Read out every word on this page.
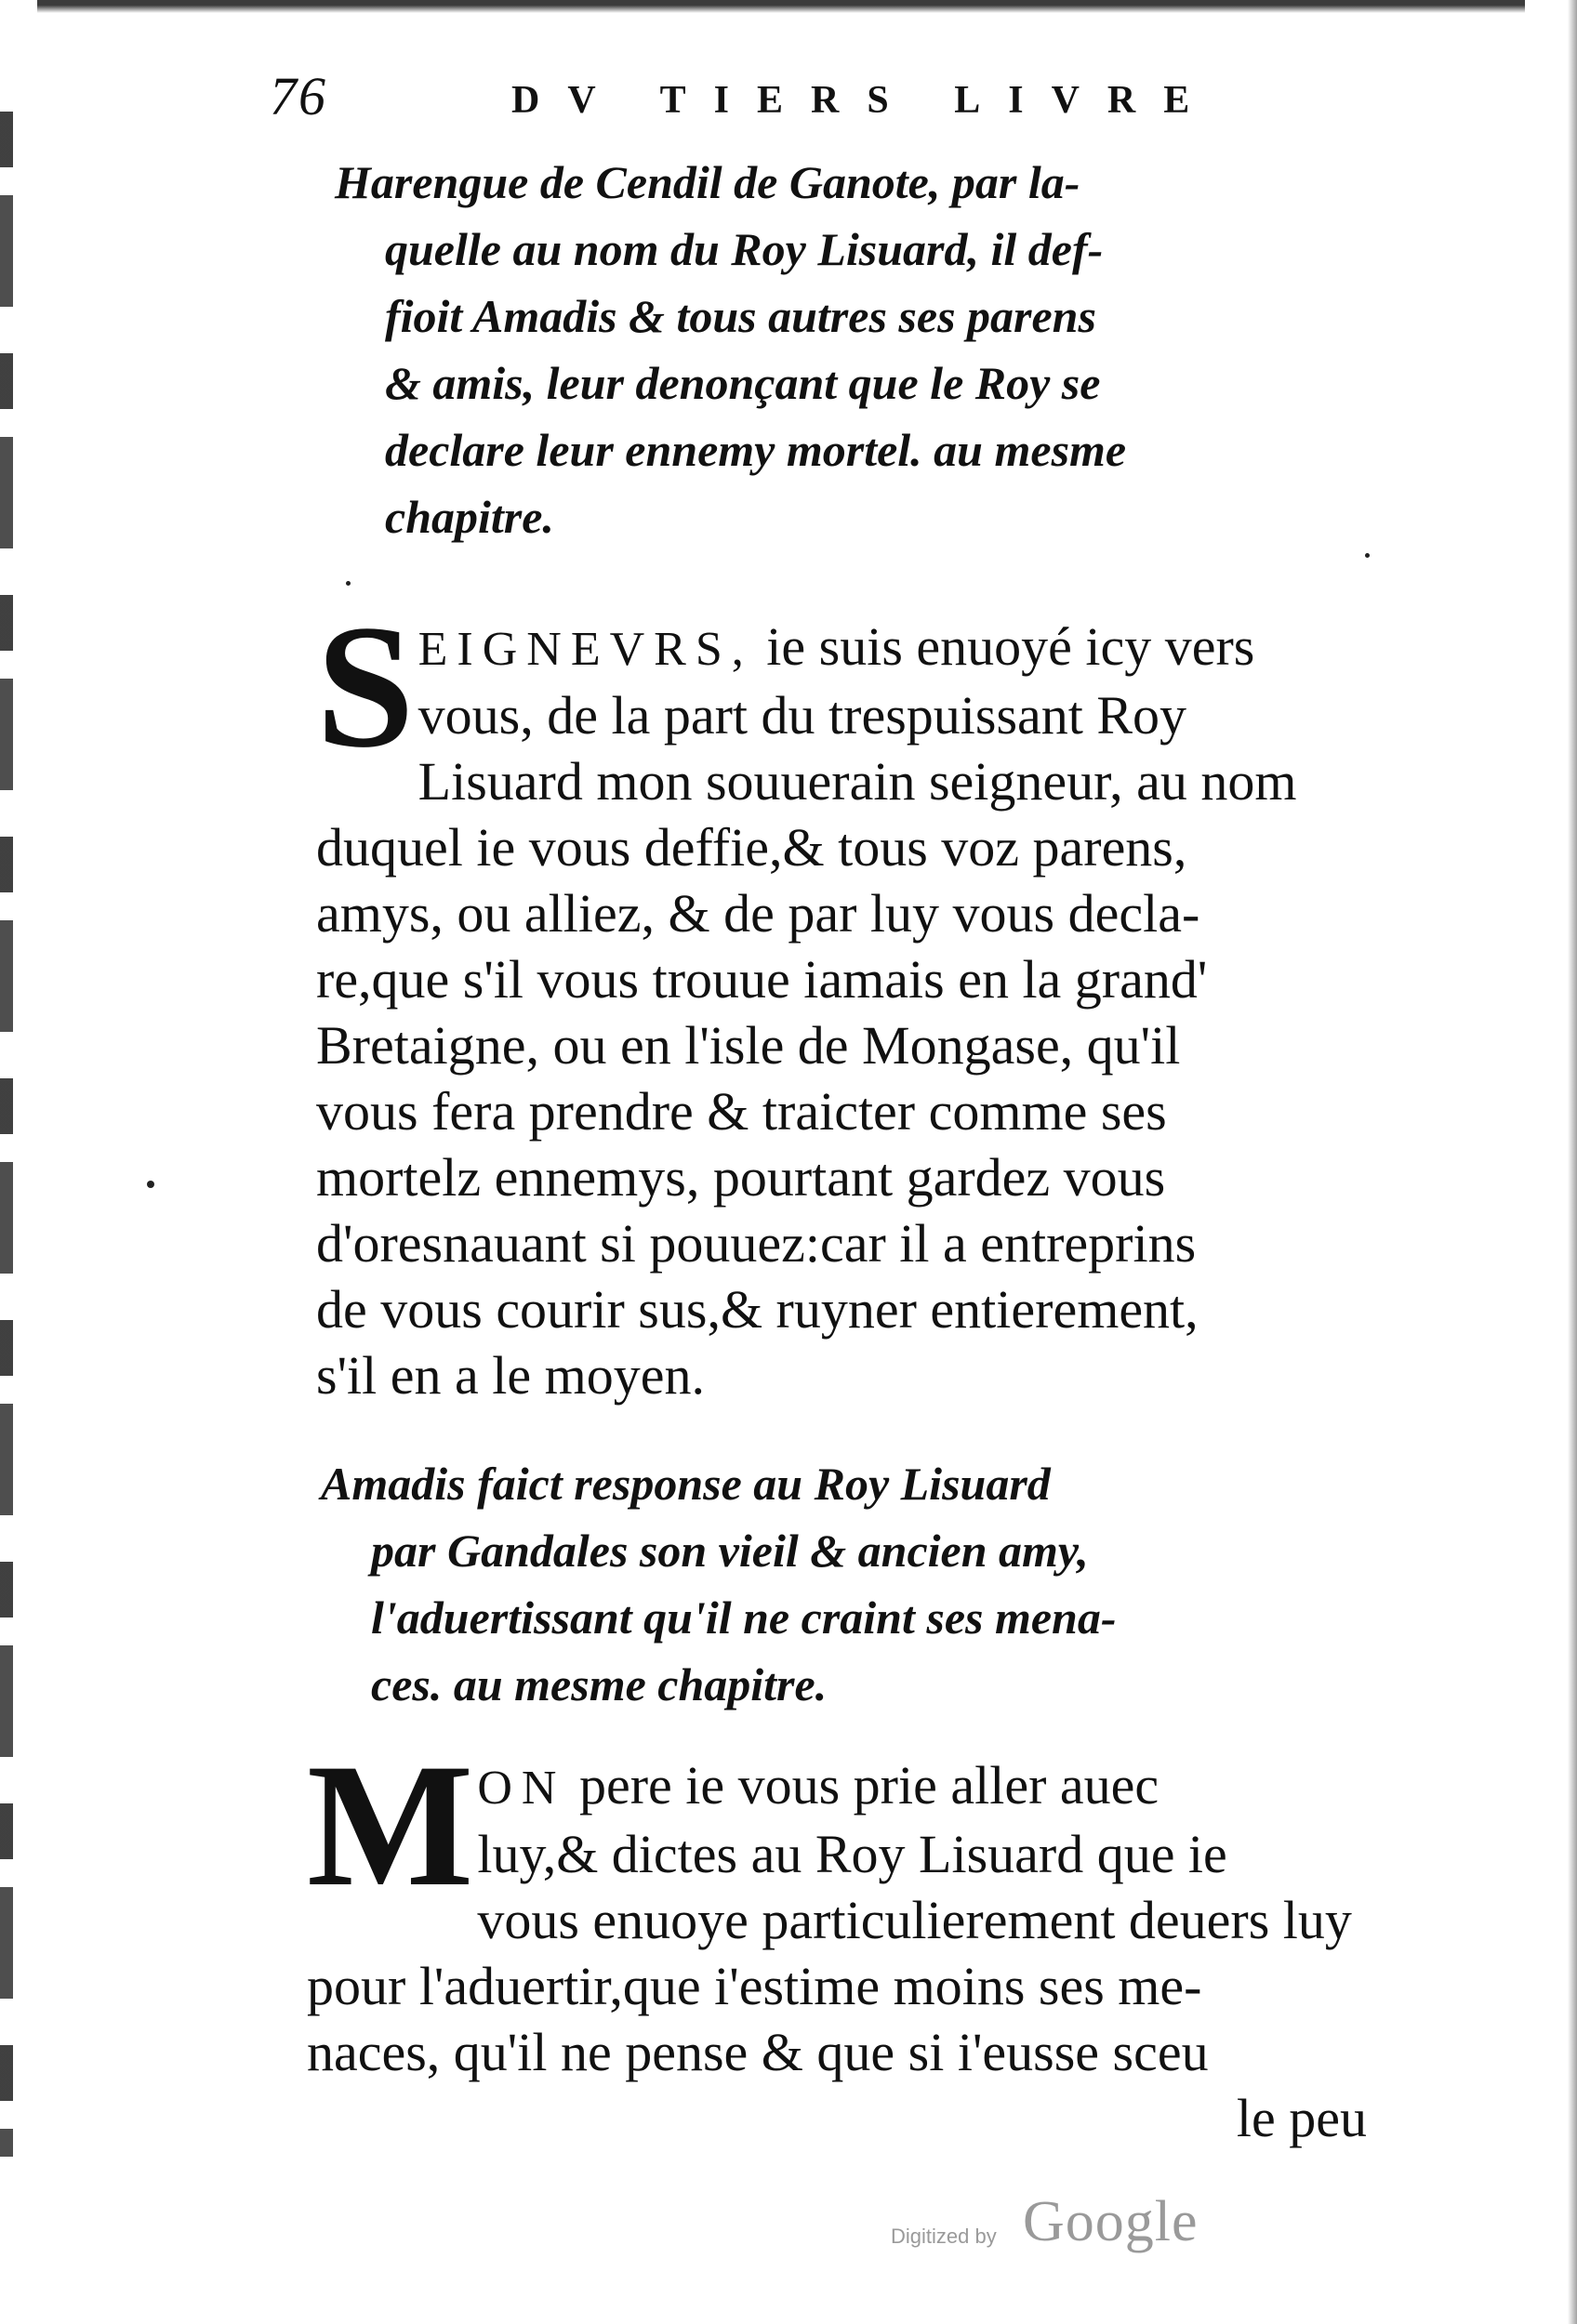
76	DV TIERS LIVRE
Harengue de Cendil de Ganote, par la-
quelle au nom du Roy Lisuard, il def-
fioit Amadis & tous autres ses parens
& amis, leur denonçant que le Roy se
declare leur ennemy mortel. au mesme
chapitre.
S EIGNEVRS, ie suis enuoyé icy vers
vous, de la part du trespuissant Roy
Lisuard mon souuerain seigneur, au nom
duquel ie vous deffie,& tous voz parens,
amys, ou alliez, & de par luy vous decla-
re,que s'il vous trouue iamais en la grand'
Bretaigne, ou en l'isle de Mongase, qu'il
vous fera prendre & traicter comme ses
mortelz ennemys, pourtant gardez vous
d'oresnauant si pouuez:car il a entreprins
de vous courir sus,& ruyner entierement,
s'il en a le moyen.
Amadis faict response au Roy Lisuard
par Gandales son vieil & ancien amy,
l'aduertissant qu'il ne craint ses mena-
ces. au mesme chapitre.
M ON pere ie vous prie aller auec
luy,& dictes au Roy Lisuard que ie
vous enuoye particulierement deuers luy
pour l'aduertir,que i'estime moins ses me-
naces, qu'il ne pense & que si i'eusse sceu
le peu
Digitized by Google
